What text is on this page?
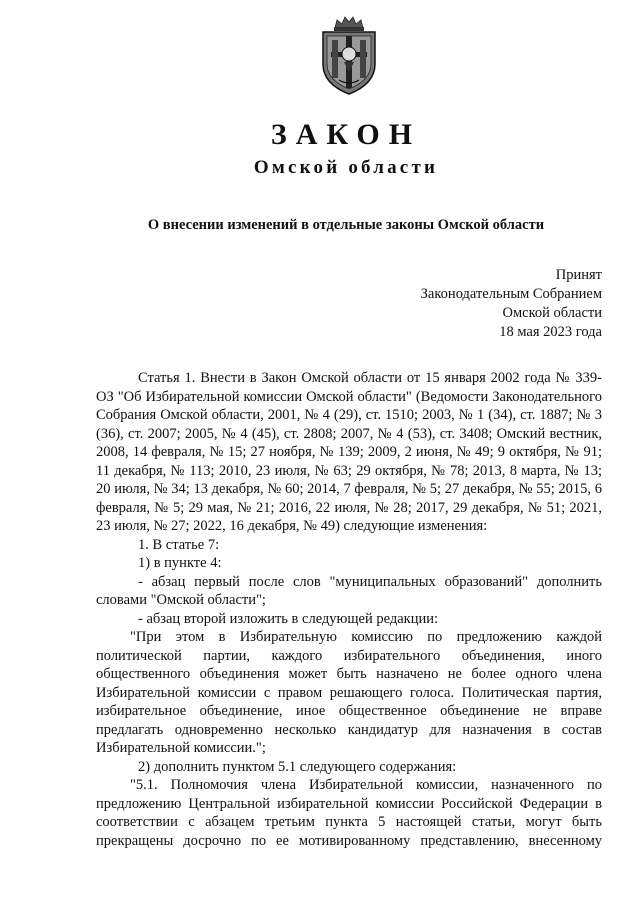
ЗАКОН
Омской области
О внесении изменений в отдельные законы Омской области
Принят
Законодательным Собранием
Омской области
18 мая 2023 года

Статья 1. Внести в Закон Омской области от 15 января 2002 года № 339-ОЗ "Об Избирательной комиссии Омской области" (Ведомости Законодательного Собрания Омской области, 2001, № 4 (29), ст. 1510; 2003, № 1 (34), ст. 1887; № 3 (36), ст. 2007; 2005, № 4 (45), ст. 2808; 2007, № 4 (53), ст. 3408; Омский вестник, 2008, 14 февраля, № 15; 27 ноября, № 139; 2009, 2 июня, № 49; 9 октября, № 91; 11 декабря, № 113; 2010, 23 июля, № 63; 29 октября, № 78; 2013, 8 марта, № 13; 20 июля, № 34; 13 декабря, № 60; 2014, 7 февраля, № 5; 27 декабря, № 55; 2015, 6 февраля, № 5; 29 мая, № 21; 2016, 22 июля, № 28; 2017, 29 декабря, № 51; 2021, 23 июля, № 27; 2022, 16 декабря, № 49) следующие изменения:

1. В статье 7:

1) в пункте 4:

- абзац первый после слов "муниципальных образований" дополнить словами "Омской области";

- абзац второй изложить в следующей редакции:

"При этом в Избирательную комиссию по предложению каждой политической партии, каждого избирательного объединения, иного общественного объединения может быть назначено не более одного члена Избирательной комиссии с правом решающего голоса. Политическая партия, избирательное объединение, иное общественное объединение не вправе предлагать одновременно несколько кандидатур для назначения в состав Избирательной комиссии.";

2) дополнить пунктом 5.1 следующего содержания:

"5.1. Полномочия члена Избирательной комиссии, назначенного по предложению Центральной избирательной комиссии Российской Федерации в соответствии с абзацем третьим пункта 5 настоящей статьи, могут быть прекращены досрочно по ее мотивированному представлению, внесенному
